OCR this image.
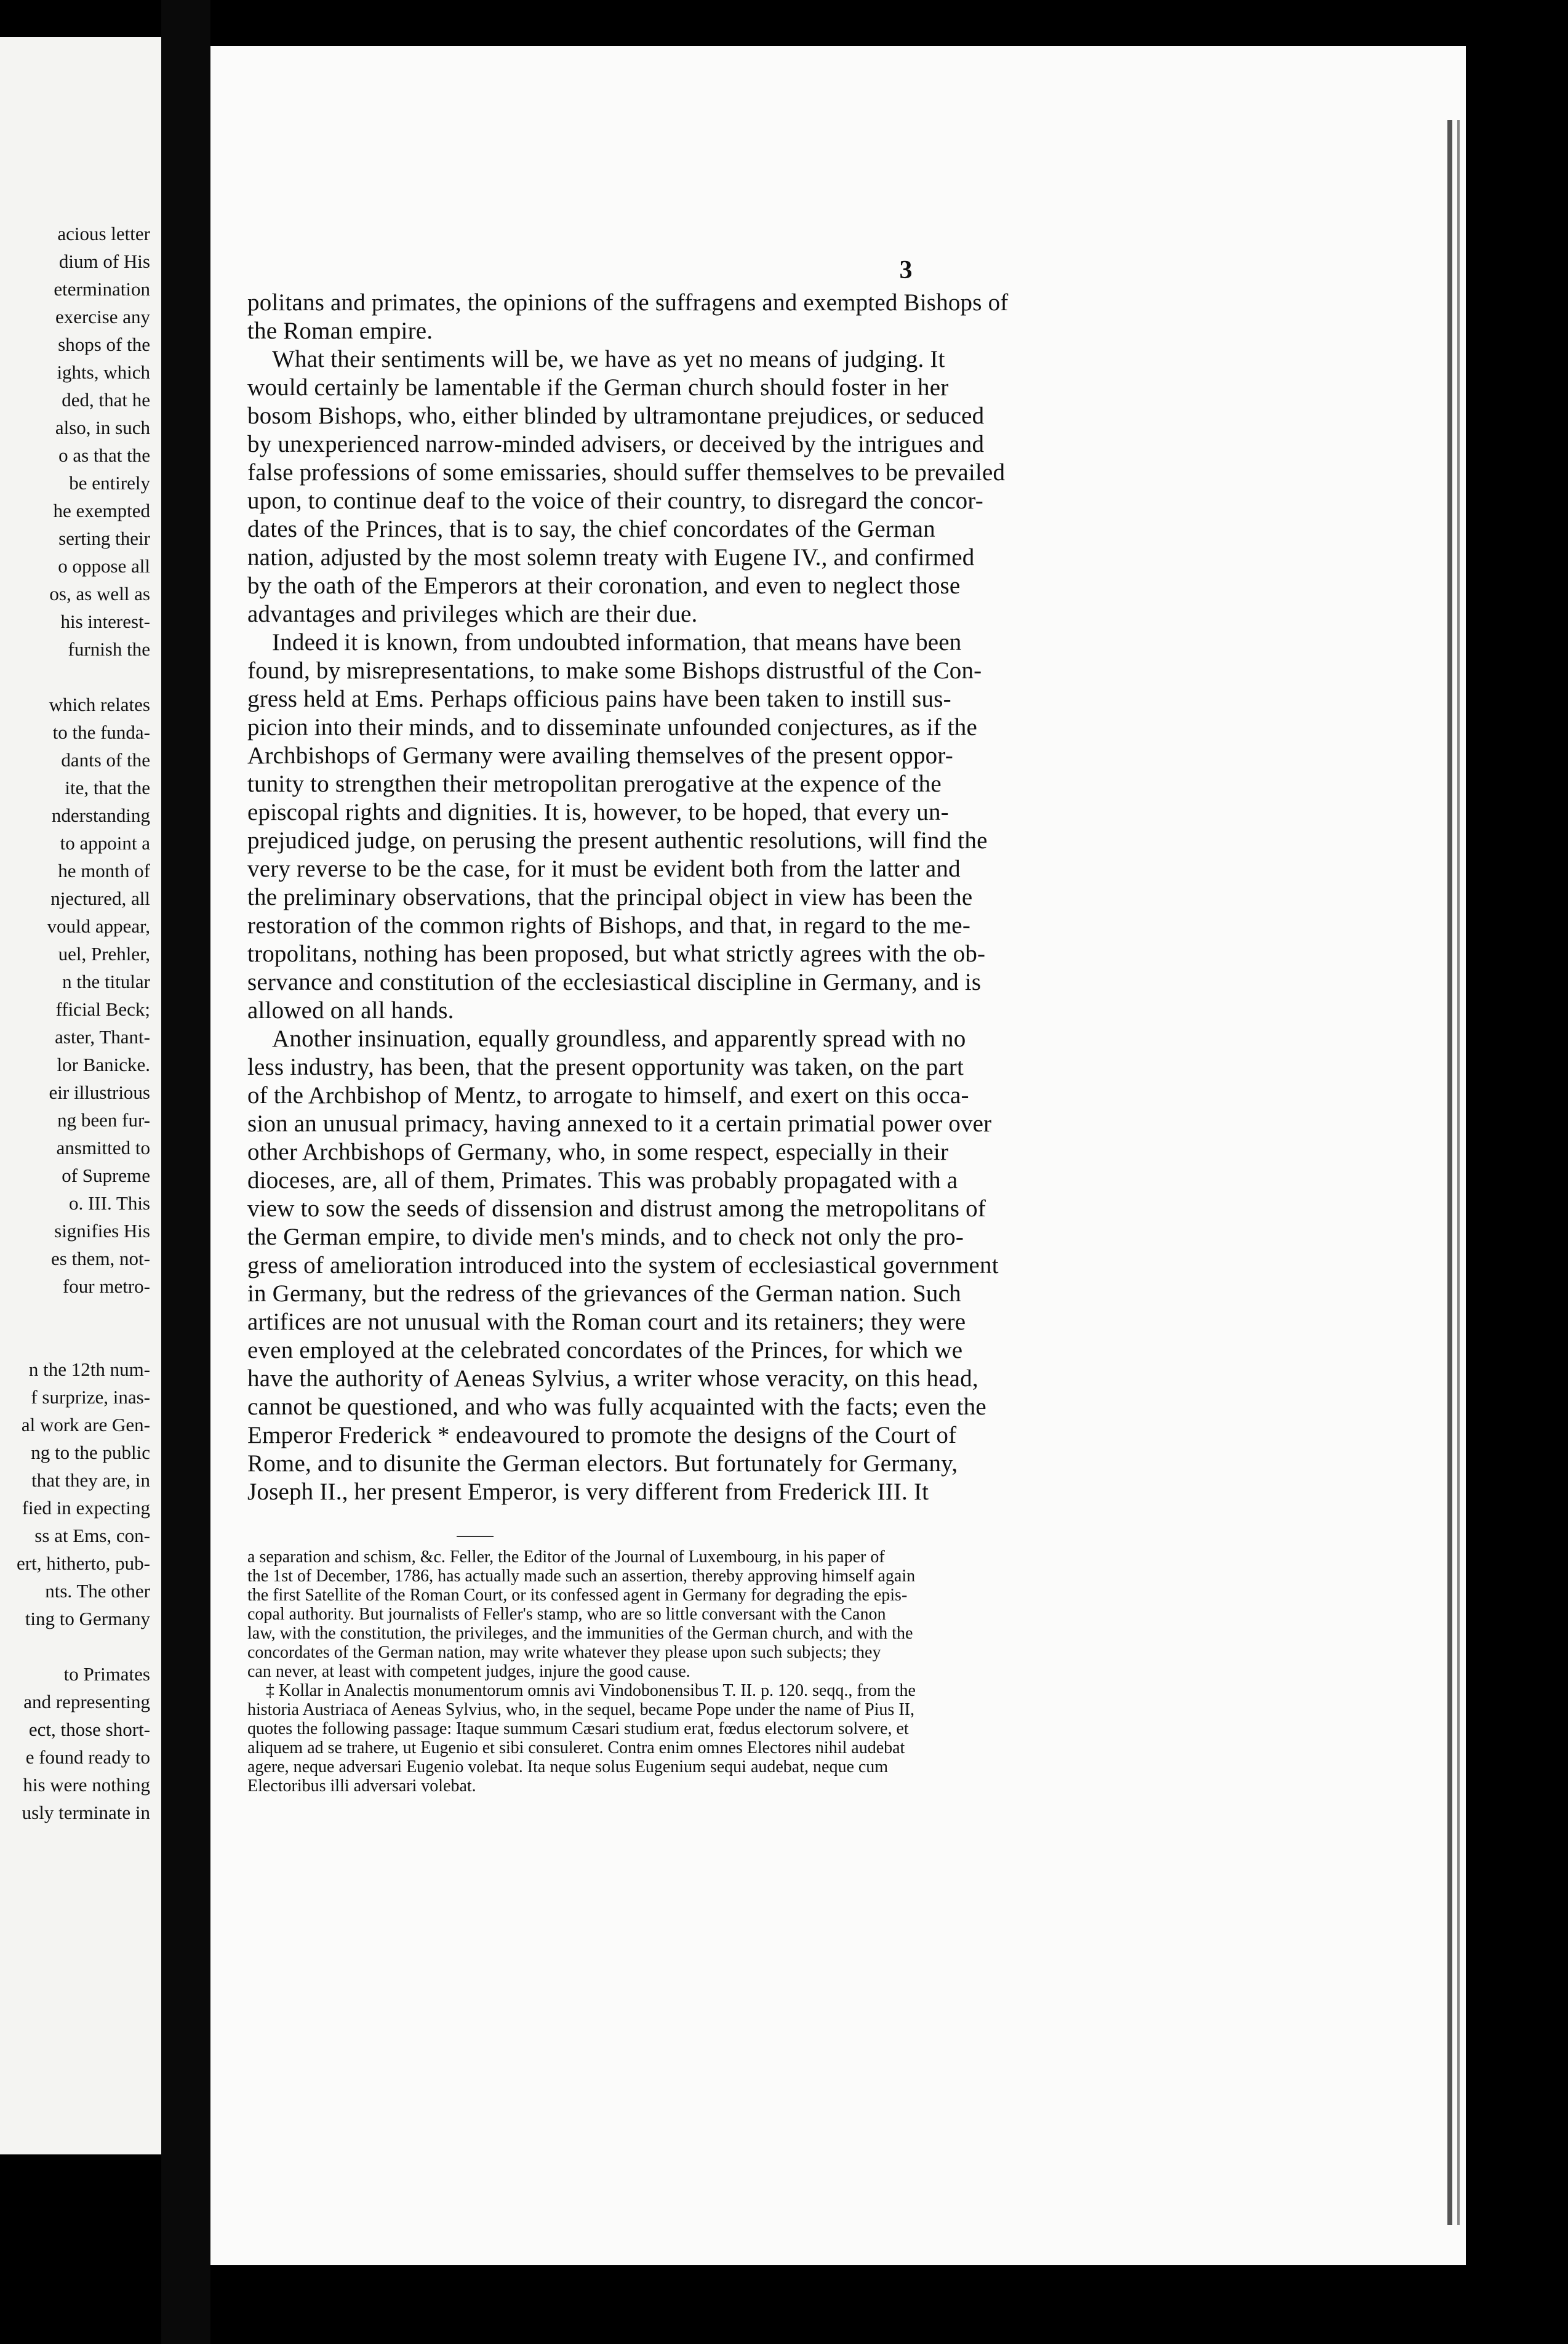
acious letter
dium of His
etermination
exercise any
shops of the
ights, which
ded, that he
also, in such
o as that the
be entirely
he exempted
serting their
o oppose all
os, as well as
his interest-
furnish the
which relates
to the funda-
dants of the
ite, that the
nderstanding
to appoint a
he month of
njectured, all
vould appear,
uel, Prehler,
n the titular
fficial Beck;
aster, Thant-
lor Banicke.
eir illustrious
ng been fur-
ansmitted to
of Supreme
o. III. This
signifies His
es them, not-
four metro-
n the 12th num-
f surprize, inas-
al work are Gen-
ng to the public
that they are, in
fied in expecting
ss at Ems, con-
ert, hitherto, pub-
nts. The other
ting to Germany
to Primates
and representing
ect, those short-
e found ready to
his were nothing
usly terminate in
3
politans and primates, the opinions of the suffragens and exempted Bishops of
the Roman empire.
What their sentiments will be, we have as yet no means of judging. It
would certainly be lamentable if the German church should foster in her
bosom Bishops, who, either blinded by ultramontane prejudices, or seduced
by unexperienced narrow-minded advisers, or deceived by the intrigues and
false professions of some emissaries, should suffer themselves to be prevailed
upon, to continue deaf to the voice of their country, to disregard the concor-
dates of the Princes, that is to say, the chief concordates of the German
nation, adjusted by the most solemn treaty with Eugene IV., and confirmed
by the oath of the Emperors at their coronation, and even to neglect those
advantages and privileges which are their due.
Indeed it is known, from undoubted information, that means have been
found, by misrepresentations, to make some Bishops distrustful of the Con-
gress held at Ems. Perhaps officious pains have been taken to instill sus-
picion into their minds, and to disseminate unfounded conjectures, as if the
Archbishops of Germany were availing themselves of the present oppor-
tunity to strengthen their metropolitan prerogative at the expence of the
episcopal rights and dignities. It is, however, to be hoped, that every un-
prejudiced judge, on perusing the present authentic resolutions, will find the
very reverse to be the case, for it must be evident both from the latter and
the preliminary observations, that the principal object in view has been the
restoration of the common rights of Bishops, and that, in regard to the me-
tropolitans, nothing has been proposed, but what strictly agrees with the ob-
servance and constitution of the ecclesiastical discipline in Germany, and is
allowed on all hands.
Another insinuation, equally groundless, and apparently spread with no
less industry, has been, that the present opportunity was taken, on the part
of the Archbishop of Mentz, to arrogate to himself, and exert on this occa-
sion an unusual primacy, having annexed to it a certain primatial power over
other Archbishops of Germany, who, in some respect, especially in their
dioceses, are, all of them, Primates. This was probably propagated with a
view to sow the seeds of dissension and distrust among the metropolitans of
the German empire, to divide men's minds, and to check not only the pro-
gress of amelioration introduced into the system of ecclesiastical government
in Germany, but the redress of the grievances of the German nation. Such
artifices are not unusual with the Roman court and its retainers; they were
even employed at the celebrated concordates of the Princes, for which we
have the authority of Aeneas Sylvius, a writer whose veracity, on this head,
cannot be questioned, and who was fully acquainted with the facts; even the
Emperor Frederick * endeavoured to promote the designs of the Court of
Rome, and to disunite the German electors. But fortunately for Germany,
Joseph II., her present Emperor, is very different from Frederick III. It
a separation and schism, &c. Feller, the Editor of the Journal of Luxembourg, in his paper of
the 1st of December, 1786, has actually made such an assertion, thereby approving himself again
the first Satellite of the Roman Court, or its confessed agent in Germany for degrading the epis-
copal authority. But journalists of Feller's stamp, who are so little conversant with the Canon
law, with the constitution, the privileges, and the immunities of the German church, and with the
concordates of the German nation, may write whatever they please upon such subjects; they
can never, at least with competent judges, injure the good cause.
‡ Kollar in Analectis monumentorum omnis avi Vindobonensibus T. II. p. 120. seqq., from the
historia Austriaca of Aeneas Sylvius, who, in the sequel, became Pope under the name of Pius II,
quotes the following passage: Itaque summum Cæsari studium erat, fœdus electorum solvere, et
aliquem ad se trahere, ut Eugenio et sibi consuleret. Contra enim omnes Electores nihil audebat
agere, neque adversari Eugenio volebat. Ita neque solus Eugenium sequi audebat, neque cum
Electoribus illi adversari volebat.
